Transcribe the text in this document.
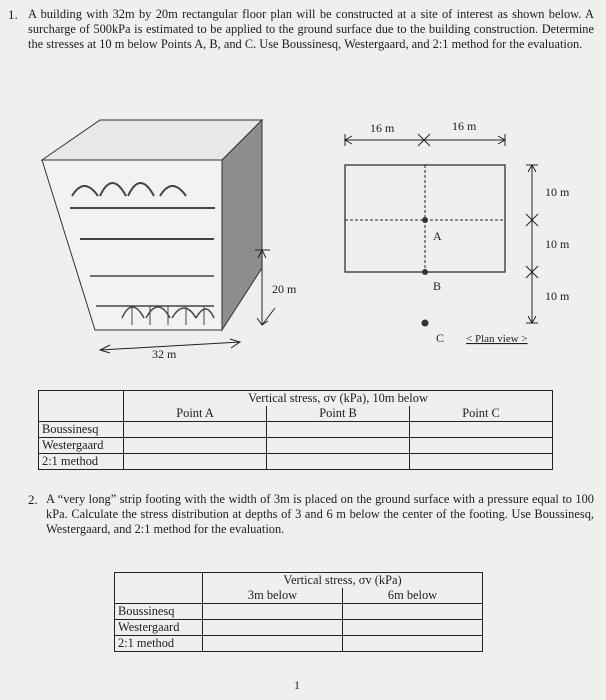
1. A building with 32m by 20m rectangular floor plan will be constructed at a site of interest as shown below. A surcharge of 500kPa is estimated to be applied to the ground surface due to the building construction. Determine the stresses at 10 m below Points A, B, and C. Use Boussinesq, Westergaard, and 2:1 method for the evaluation.
20 m
32 m
16 m	16 m
A
B
C
10 m
10 m
10 m
< Plan view >
	Vertical stress, σv (kPa), 10m below		
	Point A	Point B	Point C
Boussinesq			
Westergaard			
2:1 method			
2. A “very long” strip footing with the width of 3m is placed on the ground surface with a pressure equal to 100 kPa. Calculate the stress distribution at depths of 3 and 6 m below the center of the footing. Use Boussinesq, Westergaard, and 2:1 method for the evaluation.
	Vertical stress, σv (kPa)	
	3m below	6m below
Boussinesq		
Westergaard		
2:1 method		
1
